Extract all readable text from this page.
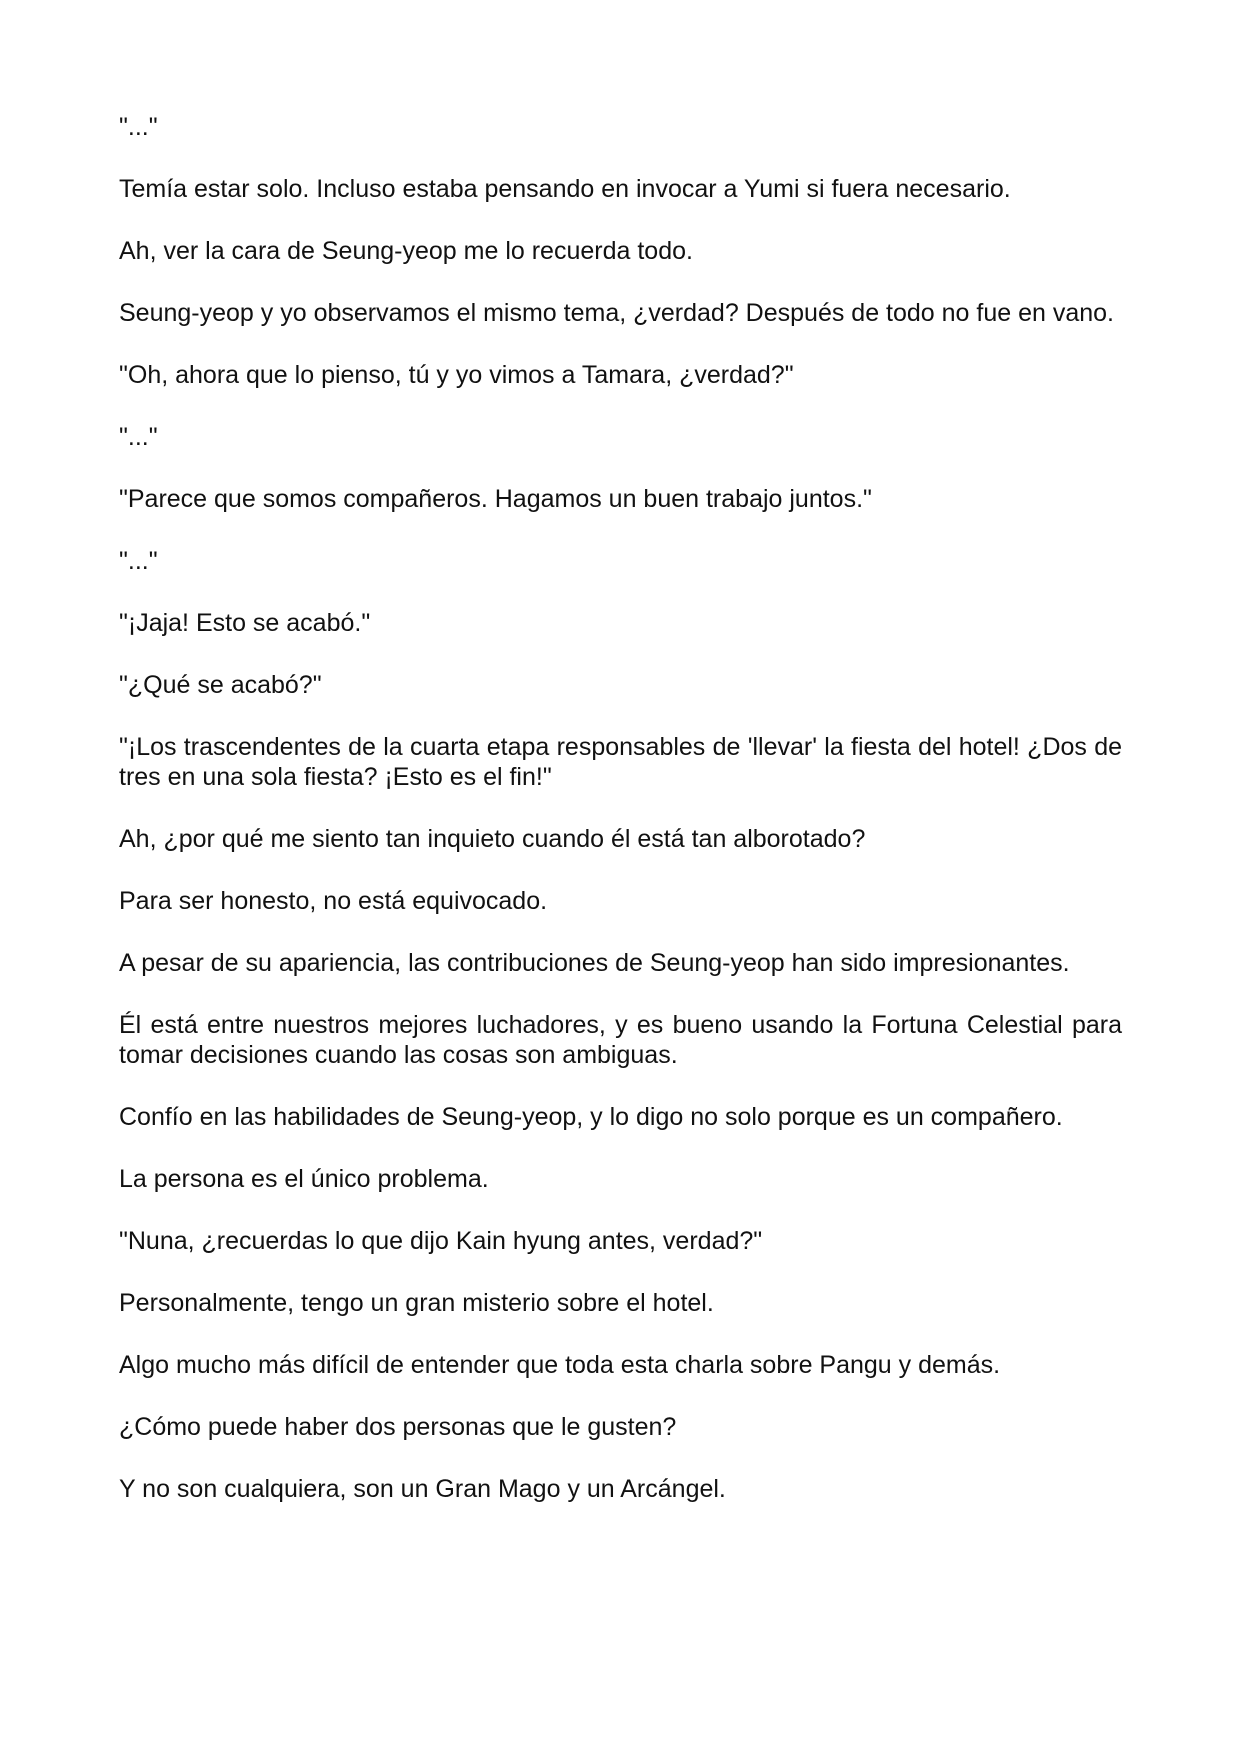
"..."

Temía estar solo. Incluso estaba pensando en invocar a Yumi si fuera necesario.

Ah, ver la cara de Seung-yeop me lo recuerda todo.

Seung-yeop y yo observamos el mismo tema, ¿verdad? Después de todo no fue en vano.

"Oh, ahora que lo pienso, tú y yo vimos a Tamara, ¿verdad?"

"..."

"Parece que somos compañeros. Hagamos un buen trabajo juntos."

"..."

"¡Jaja! Esto se acabó."

"¿Qué se acabó?"

"¡Los trascendentes de la cuarta etapa responsables de 'llevar' la fiesta del hotel! ¿Dos de tres en una sola fiesta? ¡Esto es el fin!"

Ah, ¿por qué me siento tan inquieto cuando él está tan alborotado?

Para ser honesto, no está equivocado.

A pesar de su apariencia, las contribuciones de Seung-yeop han sido impresionantes.

Él está entre nuestros mejores luchadores, y es bueno usando la Fortuna Celestial para tomar decisiones cuando las cosas son ambiguas.

Confío en las habilidades de Seung-yeop, y lo digo no solo porque es un compañero.

La persona es el único problema.

"Nuna, ¿recuerdas lo que dijo Kain hyung antes, verdad?"

Personalmente, tengo un gran misterio sobre el hotel.

Algo mucho más difícil de entender que toda esta charla sobre Pangu y demás.

¿Cómo puede haber dos personas que le gusten?

Y no son cualquiera, son un Gran Mago y un Arcángel.
